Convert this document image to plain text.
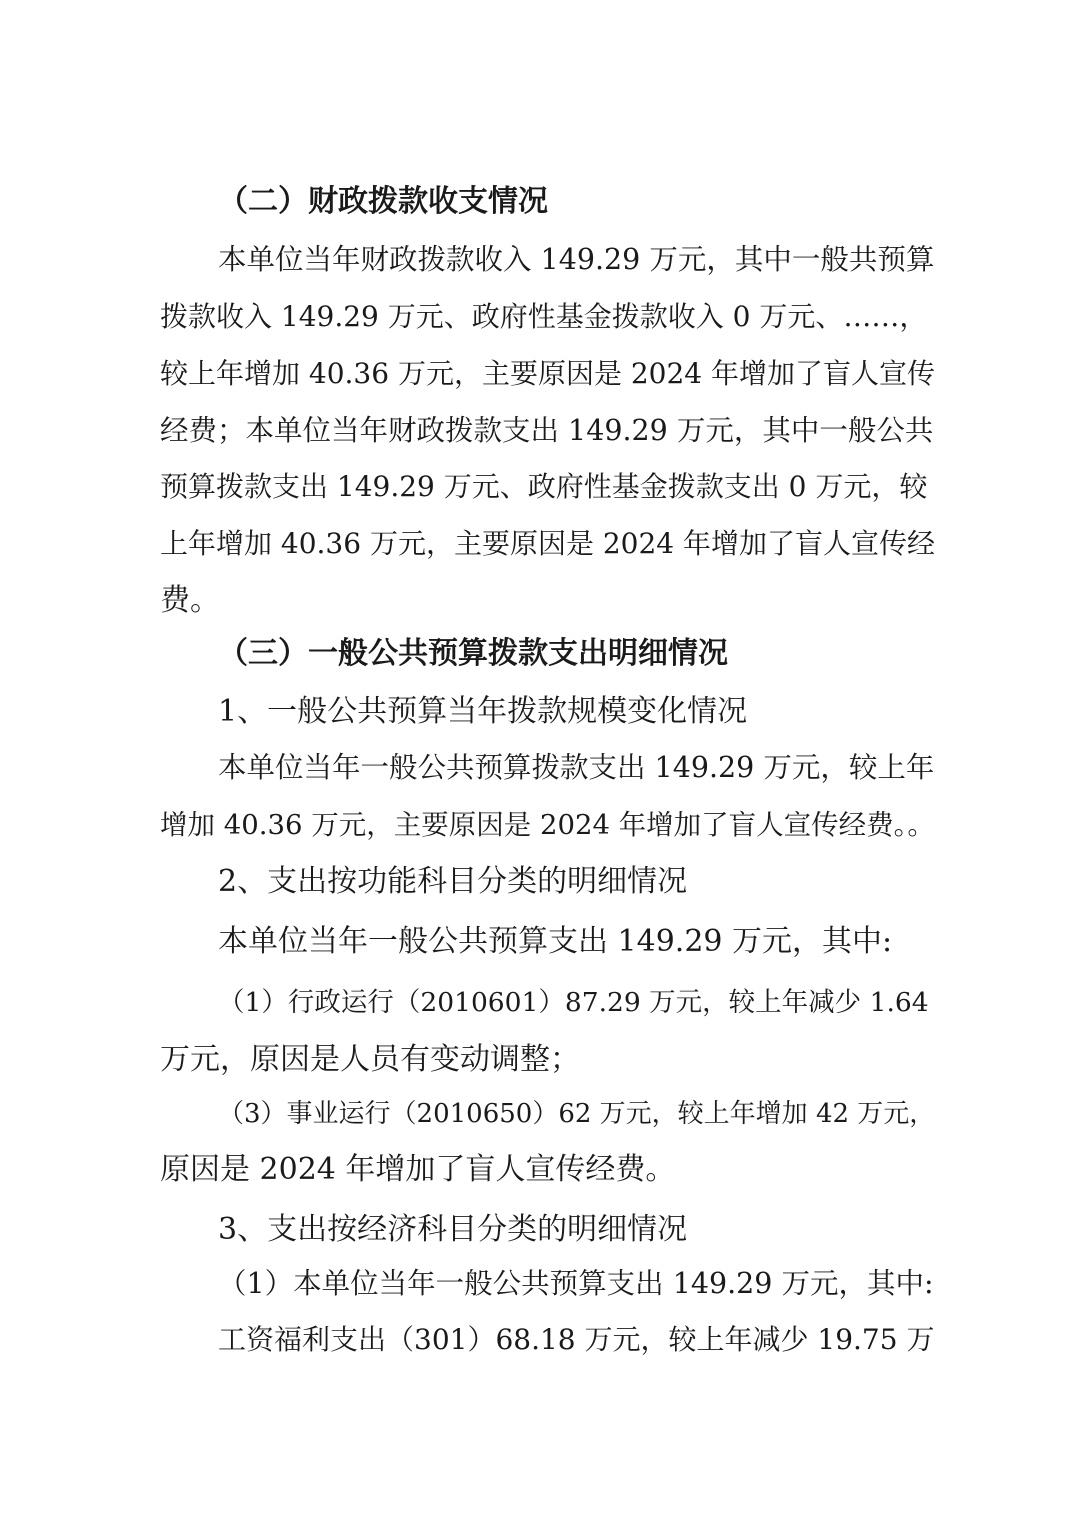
（二）财政拨款收支情况
本单位当年财政拨款收入 149.29 万元，其中一般共预算
拨款收入 149.29 万元、政府性基金拨款收入 0 万元、……，
较上年增加 40.36 万元，主要原因是 2024 年增加了盲人宣传
经费；本单位当年财政拨款支出 149.29 万元，其中一般公共
预算拨款支出 149.29 万元、政府性基金拨款支出 0 万元，较
上年增加 40.36 万元，主要原因是 2024 年增加了盲人宣传经
费。
（三）一般公共预算拨款支出明细情况
1、一般公共预算当年拨款规模变化情况
本单位当年一般公共预算拨款支出 149.29 万元，较上年
增加 40.36 万元，主要原因是 2024 年增加了盲人宣传经费。。
2、支出按功能科目分类的明细情况
本单位当年一般公共预算支出 149.29 万元，其中:
（1）行政运行（2010601）87.29 万元，较上年减少 1.64
万元，原因是人员有变动调整；
（3）事业运行（2010650）62 万元，较上年增加 42 万元，
原因是 2024 年增加了盲人宣传经费。
3、支出按经济科目分类的明细情况
（1）本单位当年一般公共预算支出 149.29 万元，其中:
工资福利支出（301）68.18 万元，较上年减少 19.75 万
